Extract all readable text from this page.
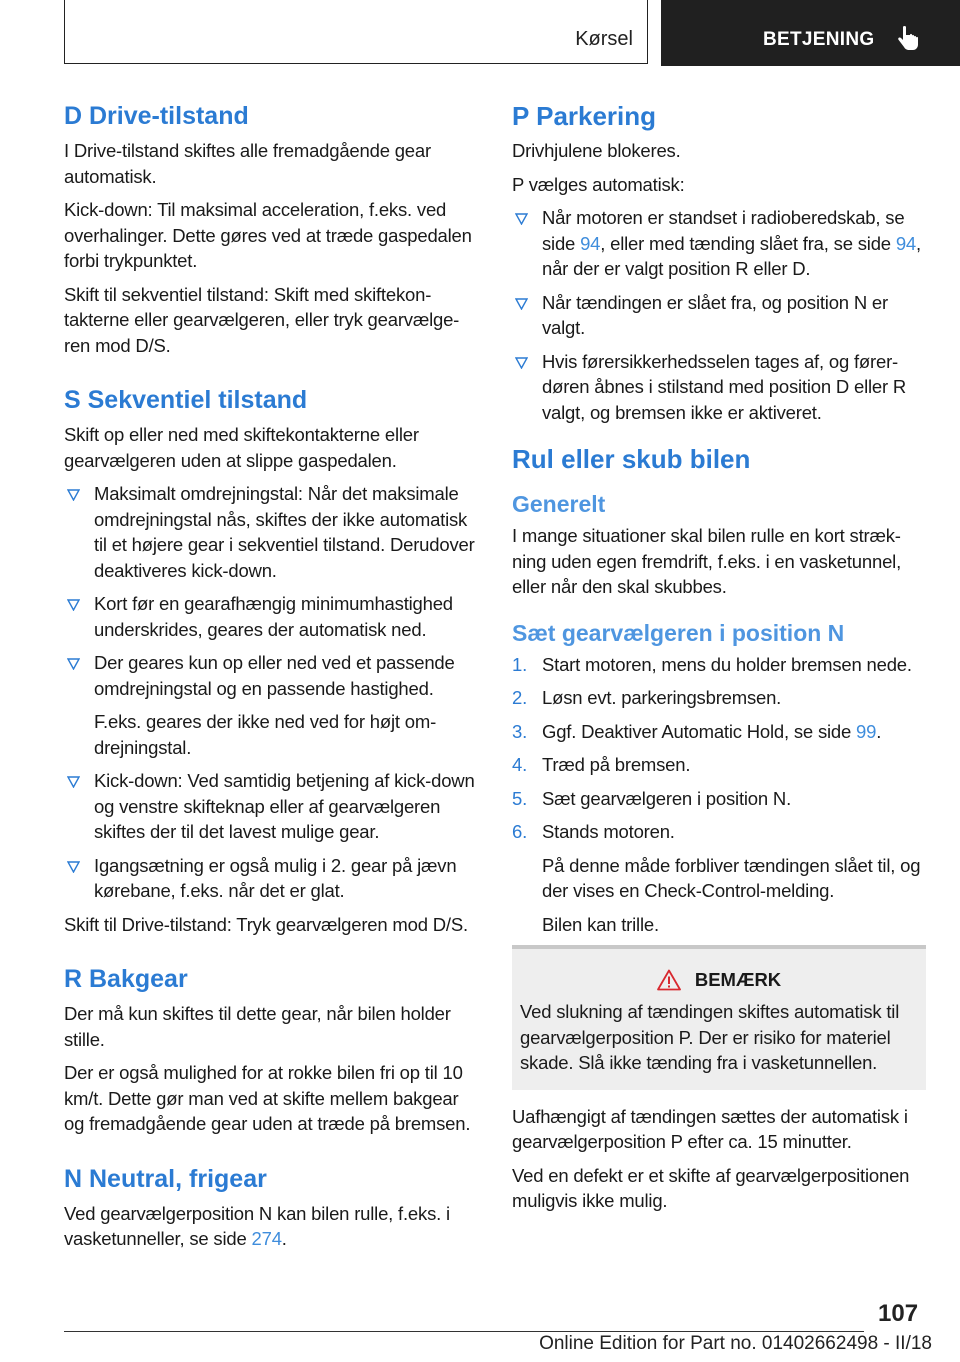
Kørsel	BETJENING
D Drive-tilstand

I Drive-tilstand skiftes alle fremadgående gear automatisk.

Kick-down: Til maksimal acceleration, f.eks. ved overhalinger. Dette gøres ved at træde gaspedalen forbi trykpunktet.

Skift til sekventiel tilstand: Skift med skiftekontakterne eller gearvælgeren, eller tryk gearvælgeren mod D/S.

S Sekventiel tilstand

Skift op eller ned med skiftekontakterne eller gearvælgeren uden at slippe gaspedalen.

Maksimalt omdrejningstal: Når det maksimale omdrejningstal nås, skiftes der ikke automatisk til et højere gear i sekventiel tilstand. Derudover deaktiveres kick-down.
Kort før en gearafhængig minimumhastighed underskrides, geares der automatisk ned.
Der geares kun op eller ned ved et passende omdrejningstal og en passende hastighed.
F.eks. geares der ikke ned ved for højt omdrejningstal.
Kick-down: Ved samtidig betjening af kick-down og venstre skifteknap eller af gearvælgeren skiftes der til det lavest mulige gear.
Igangsætning er også mulig i 2. gear på jævn kørebane, f.eks. når det er glat.

Skift til Drive-tilstand: Tryk gearvælgeren mod D/S.

R Bakgear

Der må kun skiftes til dette gear, når bilen holder stille.

Der er også mulighed for at rokke bilen fri op til 10 km/t. Dette gør man ved at skifte mellem bakgear og fremadgående gear uden at træde på bremsen.

N Neutral, frigear

Ved gearvælgerposition N kan bilen rulle, f.eks. i vasketunneller, se side 274.

P Parkering

Drivhjulene blokeres.

P vælges automatisk:

Når motoren er standset i radioberedskab, se side 94, eller med tænding slået fra, se side 94, når der er valgt position R eller D.
Når tændingen er slået fra, og position N er valgt.
Hvis førersikkerhedsselen tages af, og førerdøren åbnes i stilstand med position D eller R valgt, og bremsen ikke er aktiveret.
Rul eller skub bilen
Generelt

I mange situationer skal bilen rulle en kort strækning uden egen fremdrift, f.eks. i en vasketunnel, eller når den skal skubbes.

Sæt gearvælgeren i position N
1. Start motoren, mens du holder bremsen nede.
2. Løsn evt. parkeringsbremsen.
3. Ggf. Deaktiver Automatic Hold, se side 99.
4. Træd på bremsen.
5. Sæt gearvælgeren i position N.
6. Stands motoren.
På denne måde forbliver tændingen slået til, og der vises en Check-Control-melding.
Bilen kan trille.
BEMÆRK

Ved slukning af tændingen skiftes automatisk til gearvælgerposition P. Der er risiko for materiel skade. Slå ikke tænding fra i vasketunnellen.

Uafhængigt af tændingen sættes der automatisk i gearvælgerposition P efter ca. 15 minutter.

Ved en defekt er et skifte af gearvælgerpositionen muligvis ikke mulig.

107
Online Edition for Part no. 01402662498 - II/18
